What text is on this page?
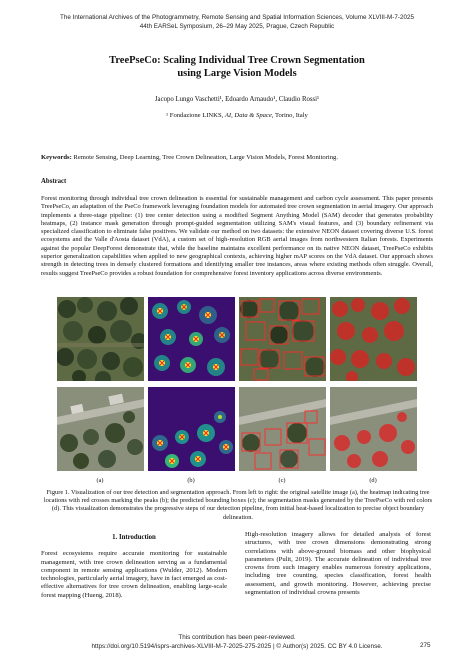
The International Archives of the Photogrammetry, Remote Sensing and Spatial Information Sciences, Volume XLVIII-M-7-2025
44th EARSeL Symposium, 26–29 May 2025, Prague, Czech Republic
TreePseCo: Scaling Individual Tree Crown Segmentation
using Large Vision Models
Jacopo Lungo Vaschetti¹, Edoardo Arnaudo¹, Claudio Rossi¹
¹ Fondazione LINKS, AI, Data & Space, Torino, Italy
Keywords: Remote Sensing, Deep Learning, Tree Crown Delineation, Large Vision Models, Forest Monitoring.
Abstract
Forest monitoring through individual tree crown delineation is essential for sustainable management and carbon cycle assessment. This paper presents TreePseCo, an adaptation of the PseCo framework leveraging foundation models for automated tree crown segmentation in aerial imagery. Our approach implements a three-stage pipeline: (1) tree center detection using a modified Segment Anything Model (SAM) decoder that generates probability heatmaps, (2) instance mask generation through prompt-guided segmentation utilizing SAM's visual features, and (3) boundary refinement via specialized classification to eliminate false positives. We validate our method on two datasets: the extensive NEON dataset covering diverse U.S. forest ecosystems and the Valle d'Aosta dataset (VdA), a custom set of high-resolution RGB aerial images from northwestern Italian forests. Experiments against the popular DeepForest demonstrate that, while the baseline maintains excellent performance on its native NEON dataset, TreePseCo exhibits superior generalization capabilities when applied to new geographical contexts, achieving higher mAP scores on the VdA dataset. Our approach shows strength in detecting trees in densely clustered formations and identifying smaller tree instances, areas where existing methods often struggle. Overall, results suggest TreePseCo provides a robust foundation for comprehensive forest inventory applications across diverse environments.
(a)	(b)	(c)	(d)
Figure 1. Visualization of our tree detection and segmentation approach. From left to right: the original satellite image (a), the heatmap indicating tree locations with red crosses marking the peaks (b); the predicted bounding boxes (c); the segmentation masks generated by the TreePseCo with red colors (d). This visualization demonstrates the progressive steps of our detection pipeline, from initial heat-based localization to precise object boundary delineation.
1. Introduction

Forest ecosystems require accurate monitoring for sustainable management, with tree crown delineation serving as a fundamental component in remote sensing applications (Wulder, 2012). Modern technologies, particularly aerial imagery, have in fact emerged as cost-effective alternatives for tree crown delineation, enabling large-scale forest mapping (Hueng, 2018).

High-resolution imagery allows for detailed analysis of forest structures, with tree crown dimensions demonstrating strong correlations with above-ground biomass and other biophysical parameters (Pulit, 2019). The accurate delineation of individual tree crowns from such imagery enables numerous forestry applications, including tree counting, species classification, forest health assessment, and growth monitoring. However, achieving precise segmentation of individual crowns presents

This contribution has been peer-reviewed.
https://doi.org/10.5194/isprs-archives-XLVIII-M-7-2025-275-2025 | © Author(s) 2025. CC BY 4.0 License.	275
